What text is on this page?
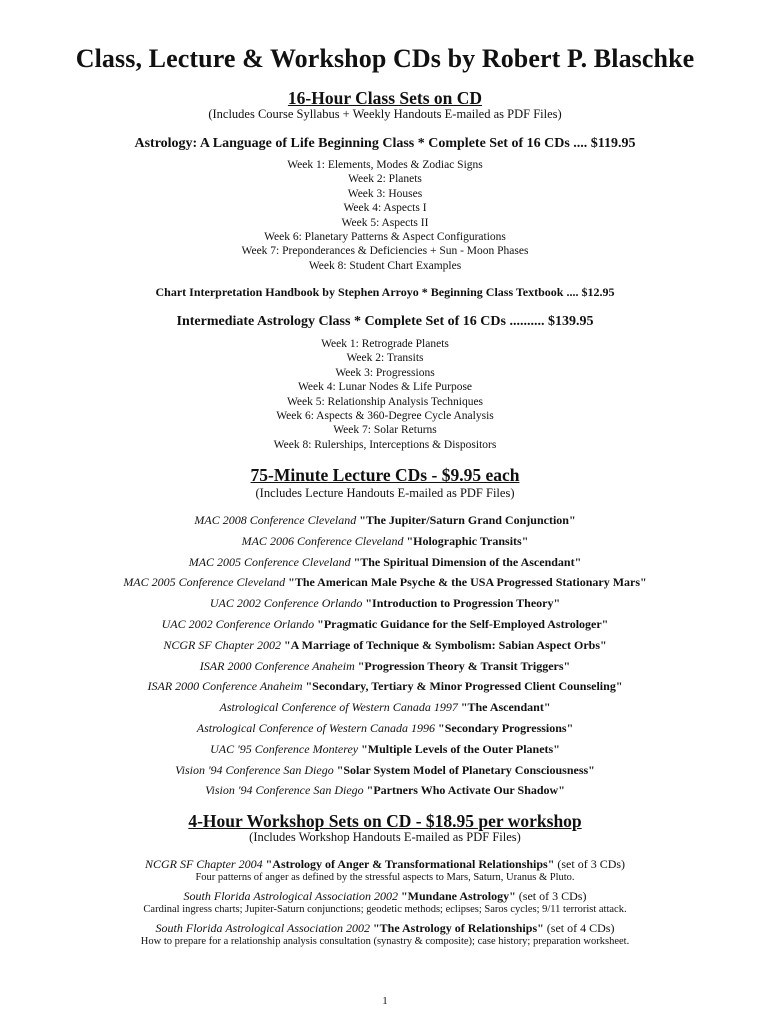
Class, Lecture & Workshop CDs by Robert P. Blaschke
16-Hour Class Sets on CD
(Includes Course Syllabus + Weekly Handouts E-mailed as PDF Files)
Astrology: A Language of Life Beginning Class * Complete Set of 16 CDs .... $119.95
Week 1: Elements, Modes & Zodiac Signs
Week 2: Planets
Week 3: Houses
Week 4: Aspects I
Week 5: Aspects II
Week 6: Planetary Patterns & Aspect Configurations
Week 7: Preponderances & Deficiencies + Sun - Moon Phases
Week 8: Student Chart Examples
Chart Interpretation Handbook by Stephen Arroyo * Beginning Class Textbook .... $12.95
Intermediate Astrology Class * Complete Set of 16 CDs .......... $139.95
Week 1: Retrograde Planets
Week 2: Transits
Week 3: Progressions
Week 4: Lunar Nodes & Life Purpose
Week 5: Relationship Analysis Techniques
Week 6: Aspects & 360-Degree Cycle Analysis
Week 7: Solar Returns
Week 8: Rulerships, Interceptions & Dispositors
75-Minute Lecture CDs - $9.95 each
(Includes Lecture Handouts E-mailed as PDF Files)
MAC 2008 Conference Cleveland "The Jupiter/Saturn Grand Conjunction"
MAC 2006 Conference Cleveland "Holographic Transits"
MAC 2005 Conference Cleveland "The Spiritual Dimension of the Ascendant"
MAC 2005 Conference Cleveland "The American Male Psyche & the USA Progressed Stationary Mars"
UAC 2002 Conference Orlando "Introduction to Progression Theory"
UAC 2002 Conference Orlando "Pragmatic Guidance for the Self-Employed Astrologer"
NCGR SF Chapter 2002 "A Marriage of Technique & Symbolism: Sabian Aspect Orbs"
ISAR 2000 Conference Anaheim "Progression Theory & Transit Triggers"
ISAR 2000 Conference Anaheim "Secondary, Tertiary & Minor Progressed Client Counseling"
Astrological Conference of Western Canada 1997 "The Ascendant"
Astrological Conference of Western Canada 1996 "Secondary Progressions"
UAC '95 Conference Monterey "Multiple Levels of the Outer Planets"
Vision '94 Conference San Diego "Solar System Model of Planetary Consciousness"
Vision '94 Conference San Diego "Partners Who Activate Our Shadow"
4-Hour Workshop Sets on CD - $18.95 per workshop
(Includes Workshop Handouts E-mailed as PDF Files)
NCGR SF Chapter 2004 "Astrology of Anger & Transformational Relationships" (set of 3 CDs)
Four patterns of anger as defined by the stressful aspects to Mars, Saturn, Uranus & Pluto.
South Florida Astrological Association 2002 "Mundane Astrology" (set of 3 CDs)
Cardinal ingress charts; Jupiter-Saturn conjunctions; geodetic methods; eclipses; Saros cycles; 9/11 terrorist attack.
South Florida Astrological Association 2002 "The Astrology of Relationships" (set of 4 CDs)
How to prepare for a relationship analysis consultation (synastry & composite); case history; preparation worksheet.
1
